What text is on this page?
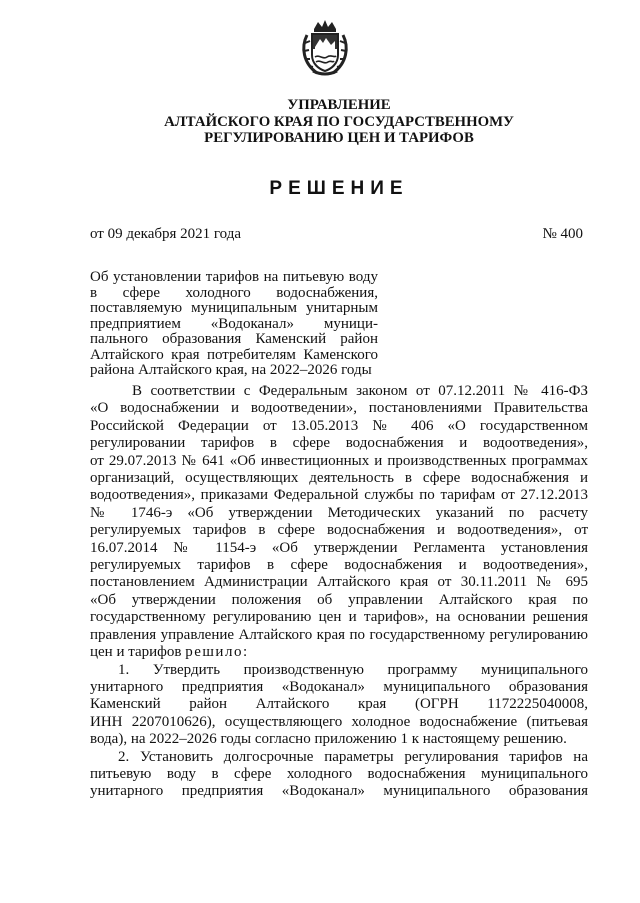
УПРАВЛЕНИЕ
АЛТАЙСКОГО КРАЯ ПО ГОСУДАРСТВЕННОМУ
РЕГУЛИРОВАНИЮ ЦЕН И ТАРИФОВ
РЕШЕНИЕ
от 09 декабря 2021 года	№ 400
Об установлении тарифов на питьевую воду
в сфере холодного водоснабжения,
поставляемую муниципальным унитарным
предприятием «Водоканал» муници-
пального образования Каменский район
Алтайского края потребителям Каменского
района Алтайского края, на 2022–2026 годы
В соответствии с Федеральным законом от 07.12.2011 № 416-ФЗ
«О водоснабжении и водоотведении», постановлениями Правительства
Российской Федерации от 13.05.2013 № 406 «О государственном
регулировании тарифов в сфере водоснабжения и водоотведения»,
от 29.07.2013 № 641 «Об инвестиционных и производственных программах
организаций, осуществляющих деятельность в сфере водоснабжения и
водоотведения», приказами Федеральной службы по тарифам от 27.12.2013
№ 1746-э «Об утверждении Методических указаний по расчету
регулируемых тарифов в сфере водоснабжения и водоотведения», от
16.07.2014 № 1154-э «Об утверждении Регламента установления
регулируемых тарифов в сфере водоснабжения и водоотведения»,
постановлением Администрации Алтайского края от 30.11.2011 № 695
«Об утверждении положения об управлении Алтайского края по
государственному регулированию цен и тарифов», на основании решения
правления управление Алтайского края по государственному регулированию
цен и тарифов решило:
1. Утвердить производственную программу муниципального
унитарного предприятия «Водоканал» муниципального образования
Каменский район Алтайского края (ОГРН 1172225040008,
ИНН 2207010626), осуществляющего холодное водоснабжение (питьевая
вода), на 2022–2026 годы согласно приложению 1 к настоящему решению.
2. Установить долгосрочные параметры регулирования тарифов на
питьевую воду в сфере холодного водоснабжения муниципального
унитарного предприятия «Водоканал» муниципального образования
